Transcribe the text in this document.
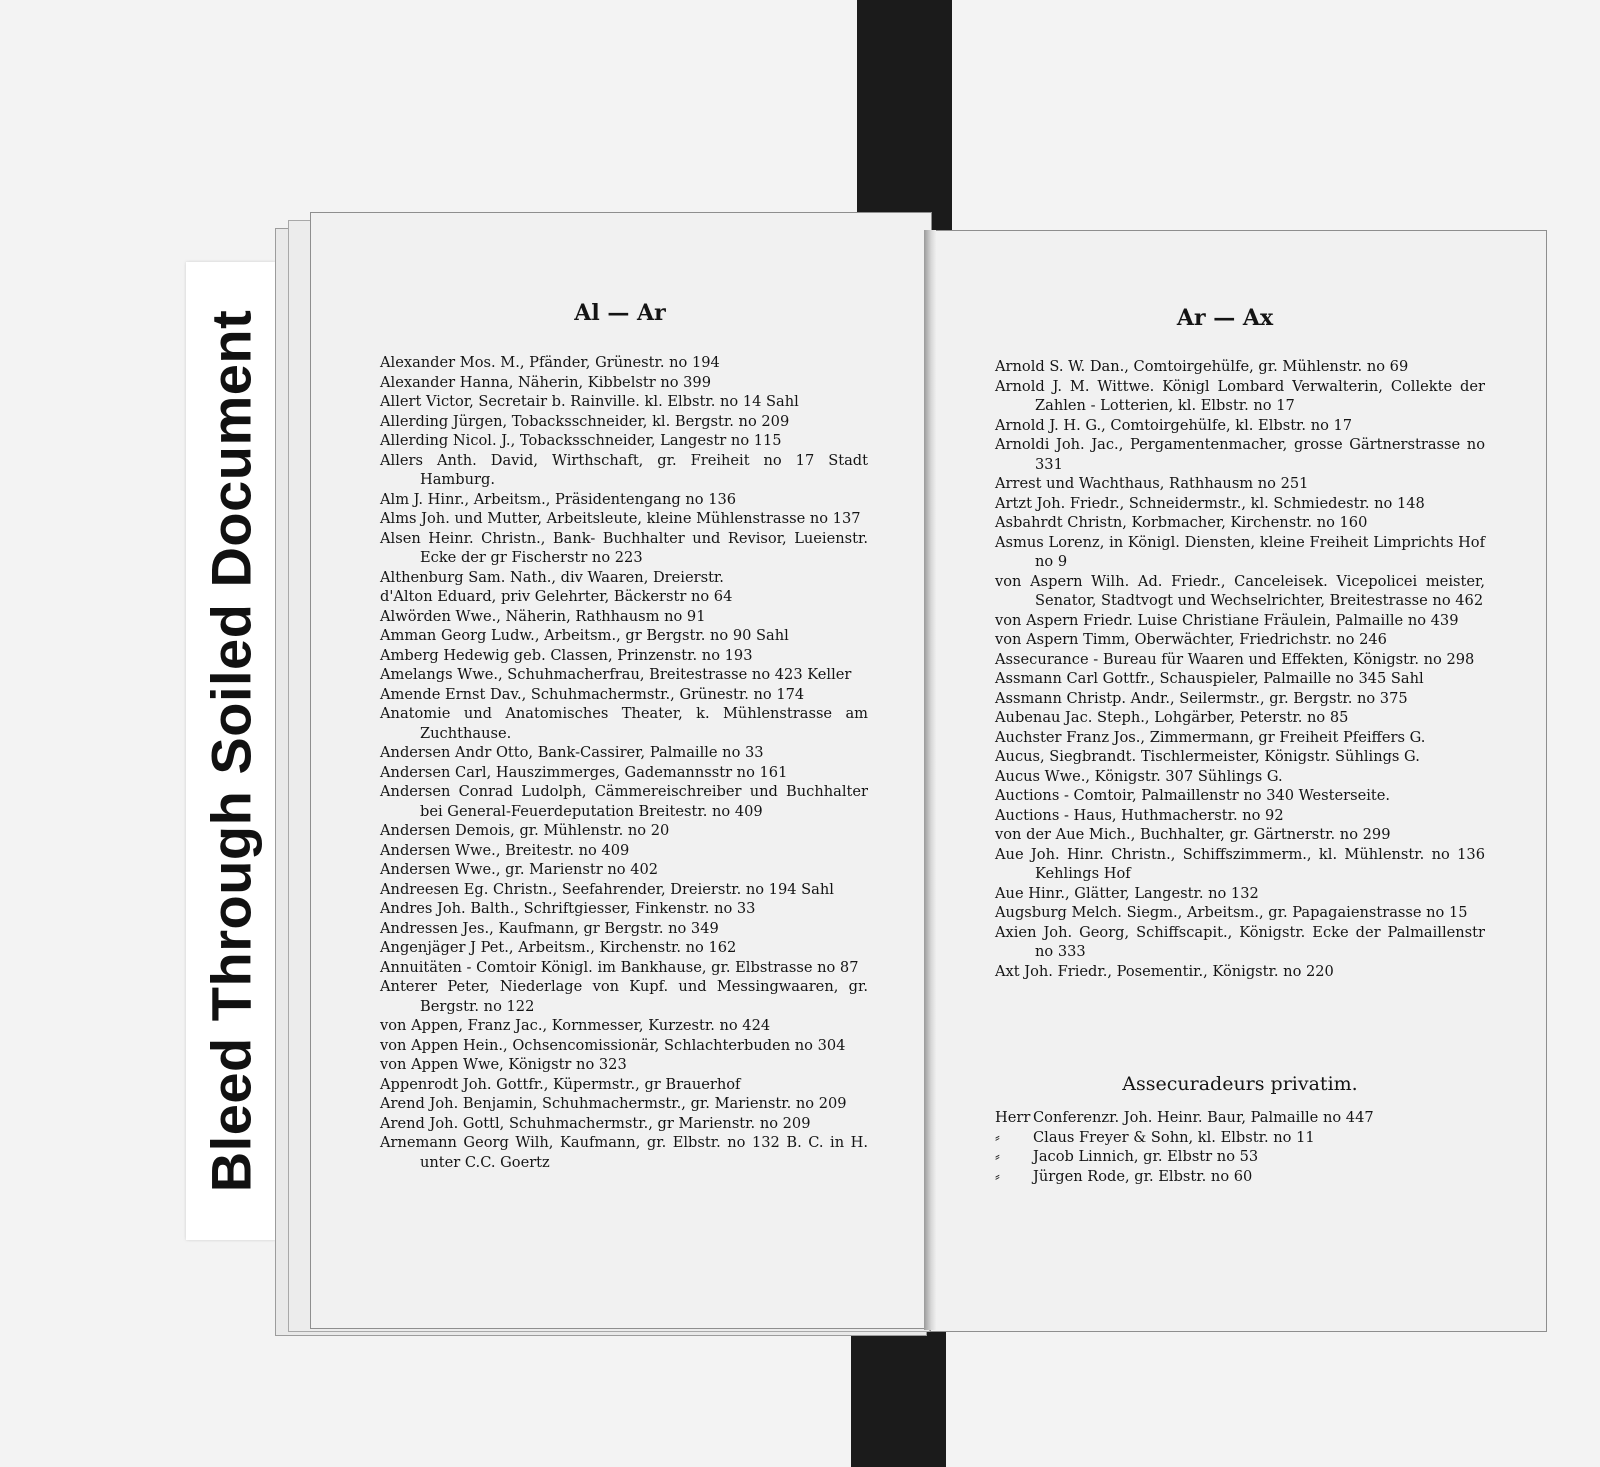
Bleed Through Soiled Document	Al — Ar	Ar — Ax
Alexander Mos. M., Pfänder, Grünestr. no 194
Alexander Hanna, Näherin, Kibbelstr no 399
Allert Victor, Secretair b. Rainville. kl. Elbstr. no 14 Sahl
Allerding Jürgen, Tobacksschneider, kl. Bergstr. no 209
Allerding Nicol. J., Tobacksschneider, Langestr no 115
Allers Anth. David, Wirthschaft, gr. Freiheit no 17 Stadt Hamburg.
Alm J. Hinr., Arbeitsm., Präsidentengang no 136
Alms Joh. und Mutter, Arbeitsleute, kleine Mühlenstrasse no 137
Alsen Heinr. Christn., Bank- Buchhalter und Revisor, Lueienstr. Ecke der gr Fischerstr no 223
Althenburg Sam. Nath., div Waaren, Dreierstr.
d'Alton Eduard, priv Gelehrter, Bäckerstr no 64
Alwörden Wwe., Näherin, Rathhausm no 91
Amman Georg Ludw., Arbeitsm., gr Bergstr. no 90 Sahl
Amberg Hedewig geb. Classen, Prinzenstr. no 193
Amelangs Wwe., Schuhmacherfrau, Breitestrasse no 423 Keller
Amende Ernst Dav., Schuhmachermstr., Grünestr. no 174
Anatomie und Anatomisches Theater, k. Mühlenstrasse am Zuchthause.
Andersen Andr Otto, Bank-Cassirer, Palmaille no 33
Andersen Carl, Hauszimmerges, Gademannsstr no 161
Andersen Conrad Ludolph, Cämmereischreiber und Buchhalter bei General-Feuerdeputation Breitestr. no 409
Andersen Demois, gr. Mühlenstr. no 20
Andersen Wwe., Breitestr. no 409
Andersen Wwe., gr. Marienstr no 402
Andreesen Eg. Christn., Seefahrender, Dreierstr. no 194 Sahl
Andres Joh. Balth., Schriftgiesser, Finkenstr. no 33
Andressen Jes., Kaufmann, gr Bergstr. no 349
Angenjäger J Pet., Arbeitsm., Kirchenstr. no 162
Annuitäten - Comtoir Königl. im Bankhause, gr. Elbstrasse no 87
Anterer Peter, Niederlage von Kupf. und Messingwaaren, gr. Bergstr. no 122
von Appen, Franz Jac., Kornmesser, Kurzestr. no 424
von Appen Hein., Ochsencomissionär, Schlachterbuden no 304
von Appen Wwe, Königstr no 323
Appenrodt Joh. Gottfr., Küpermstr., gr Brauerhof
Arend Joh. Benjamin, Schuhmachermstr., gr. Marienstr. no 209
Arend Joh. Gottl, Schuhmachermstr., gr Marienstr. no 209
Arnemann Georg Wilh, Kaufmann, gr. Elbstr. no 132 B. C. in H. unter C.C. Goertz
Arnold S. W. Dan., Comtoirgehülfe, gr. Mühlenstr. no 69
Arnold J. M. Wittwe. Königl Lombard Verwalterin, Collekte der Zahlen - Lotterien, kl. Elbstr. no 17
Arnold J. H. G., Comtoirgehülfe, kl. Elbstr. no 17
Arnoldi Joh. Jac., Pergamentenmacher, grosse Gärtnerstrasse no 331
Arrest und Wachthaus, Rathhausm no 251
Artzt Joh. Friedr., Schneidermstr., kl. Schmiedestr. no 148
Asbahrdt Christn, Korbmacher, Kirchenstr. no 160
Asmus Lorenz, in Königl. Diensten, kleine Freiheit Limprichts Hof no 9
von Aspern Wilh. Ad. Friedr., Canceleisek. Vicepolicei meister, Senator, Stadtvogt und Wechselrichter, Breitestrasse no 462
von Aspern Friedr. Luise Christiane Fräulein, Palmaille no 439
von Aspern Timm, Oberwächter, Friedrichstr. no 246
Assecurance - Bureau für Waaren und Effekten, Königstr. no 298
Assmann Carl Gottfr., Schauspieler, Palmaille no 345 Sahl
Assmann Christp. Andr., Seilermstr., gr. Bergstr. no 375
Aubenau Jac. Steph., Lohgärber, Peterstr. no 85
Auchster Franz Jos., Zimmermann, gr Freiheit Pfeiffers G.
Aucus, Siegbrandt. Tischlermeister, Königstr. Sühlings G.
Aucus Wwe., Königstr. 307 Sühlings G.
Auctions - Comtoir, Palmaillenstr no 340 Westerseite.
Auctions - Haus, Huthmacherstr. no 92
von der Aue Mich., Buchhalter, gr. Gärtnerstr. no 299
Aue Joh. Hinr. Christn., Schiffszimmerm., kl. Mühlenstr. no 136 Kehlings Hof
Aue Hinr., Glätter, Langestr. no 132
Augsburg Melch. Siegm., Arbeitsm., gr. Papagaienstrasse no 15
Axien Joh. Georg, Schiffscapit., Königstr. Ecke der Palmaillenstr no 333
Axt Joh. Friedr., Posementir., Königstr. no 220
Assecuradeurs privatim.
Herr Conferenzr. Joh. Heinr. Baur, Palmaille no 447
⸗	Claus Freyer & Sohn, kl. Elbstr. no 11
⸗	Jacob Linnich, gr. Elbstr no 53
⸗	Jürgen Rode, gr. Elbstr. no 60
